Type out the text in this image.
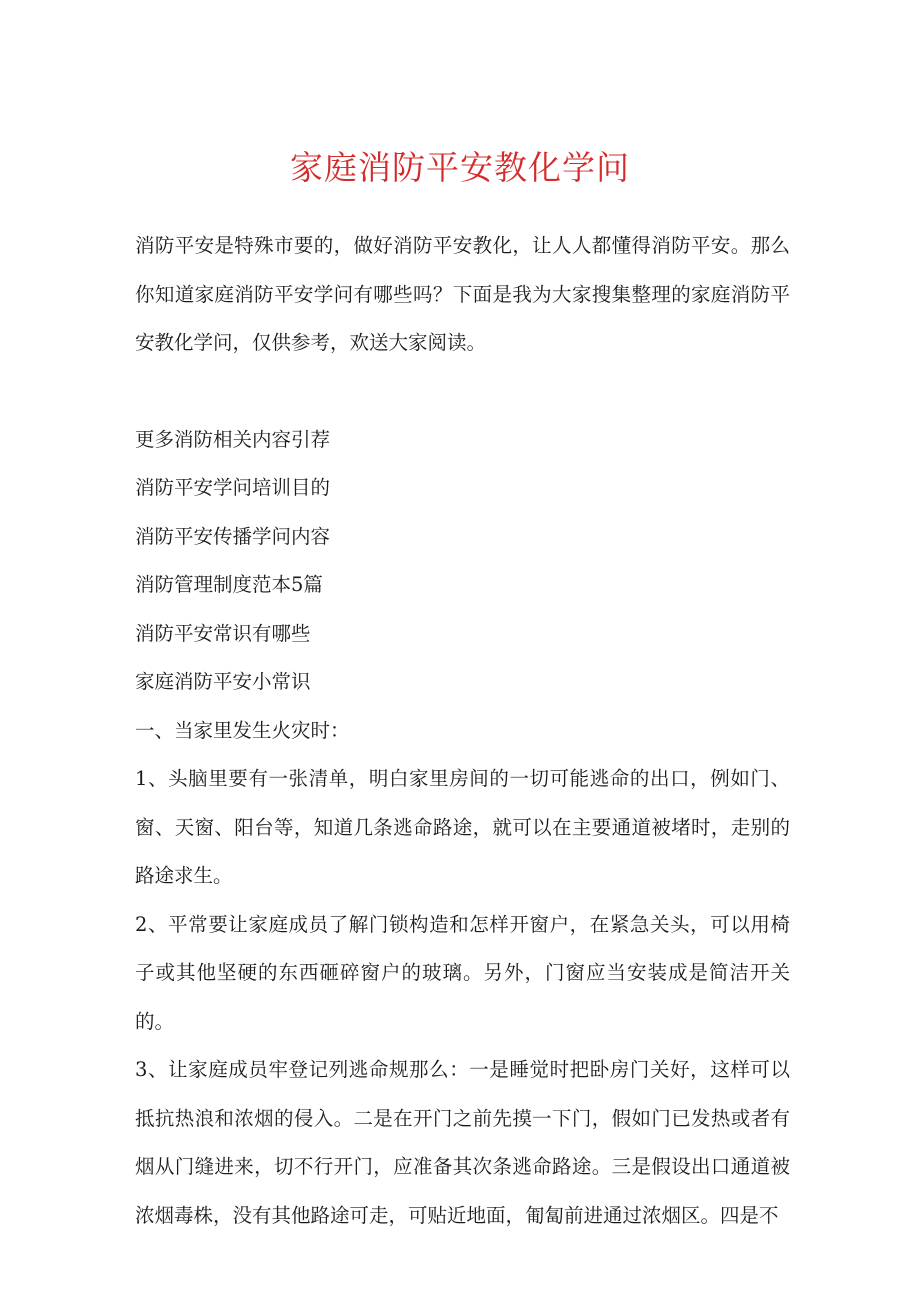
家庭消防平安教化学问

消防平安是特殊市要的，做好消防平安教化，让人人都懂得消防平安。那么你知道家庭消防平安学问有哪些吗？下面是我为大家搜集整理的家庭消防平安教化学问，仅供参考，欢送大家阅读。

更多消防相关内容引荐

消防平安学问培训目的

消防平安传播学问内容

消防管理制度范本5篇

消防平安常识有哪些

家庭消防平安小常识

一、当家里发生火灾时：

1、头脑里要有一张清单，明白家里房间的一切可能逃命的出口，例如门、窗、天窗、阳台等，知道几条逃命路途，就可以在主要通道被堵时，走别的路途求生。

2、平常要让家庭成员了解门锁构造和怎样开窗户，在紧急关头，可以用椅子或其他坚硬的东西砸碎窗户的玻璃。另外，门窗应当安装成是简洁开关的。

3、让家庭成员牢登记列逃命规那么：一是睡觉时把卧房门关好，这样可以抵抗热浪和浓烟的侵入。二是在开门之前先摸一下门，假如门已发热或者有烟从门缝进来，切不行开门，应准备其次条逃命路途。三是假设出口通道被浓烟毒株，没有其他路途可走，可贴近地面，匍匐前进通过浓烟区。四是不
